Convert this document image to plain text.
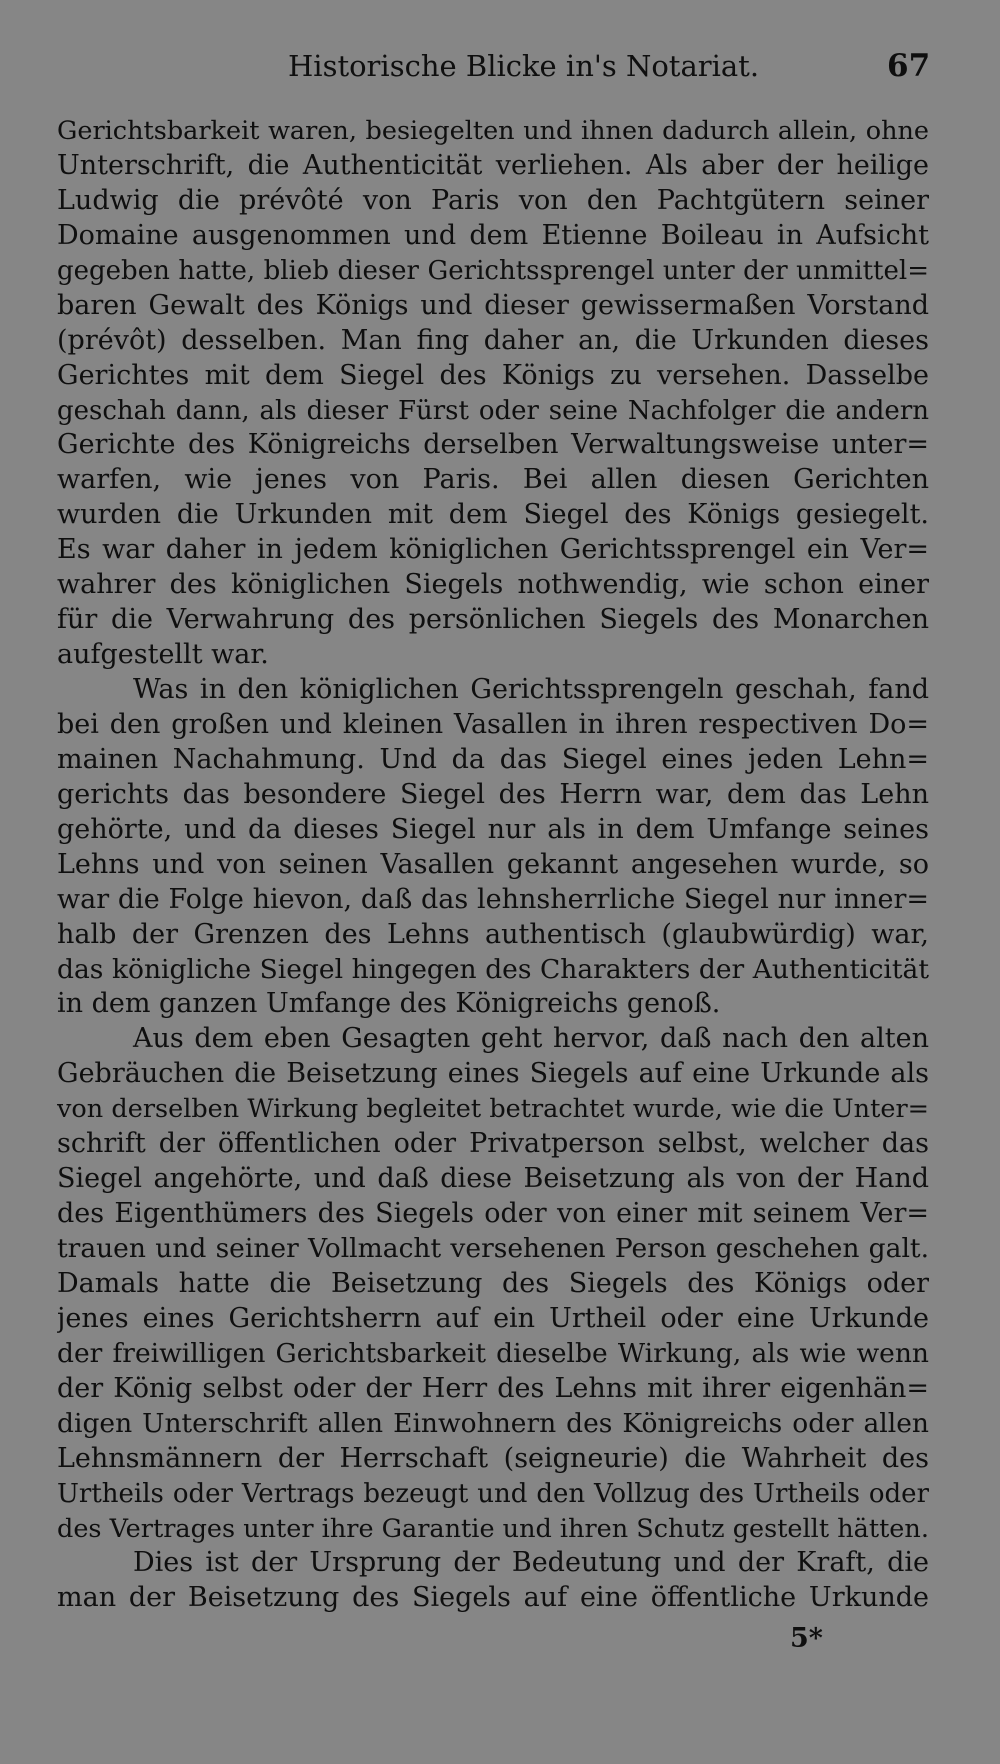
Historische Blicke in's Notariat.	67
Gerichtsbarkeit waren, besiegelten und ihnen dadurch allein, ohne
Unterschrift, die Authenticität verliehen. Als aber der heilige
Ludwig die prévôté von Paris von den Pachtgütern seiner
Domaine ausgenommen und dem Etienne Boileau in Aufsicht
gegeben hatte, blieb dieser Gerichtssprengel unter der unmittel=
baren Gewalt des Königs und dieser gewissermaßen Vorstand
(prévôt) desselben. Man fing daher an, die Urkunden dieses
Gerichtes mit dem Siegel des Königs zu versehen. Dasselbe
geschah dann, als dieser Fürst oder seine Nachfolger die andern
Gerichte des Königreichs derselben Verwaltungsweise unter=
warfen, wie jenes von Paris. Bei allen diesen Gerichten
wurden die Urkunden mit dem Siegel des Königs gesiegelt.
Es war daher in jedem königlichen Gerichtssprengel ein Ver=
wahrer des königlichen Siegels nothwendig, wie schon einer
für die Verwahrung des persönlichen Siegels des Monarchen
aufgestellt war.
Was in den königlichen Gerichtssprengeln geschah, fand
bei den großen und kleinen Vasallen in ihren respectiven Do=
mainen Nachahmung. Und da das Siegel eines jeden Lehn=
gerichts das besondere Siegel des Herrn war, dem das Lehn
gehörte, und da dieses Siegel nur als in dem Umfange seines
Lehns und von seinen Vasallen gekannt angesehen wurde, so
war die Folge hievon, daß das lehnsherrliche Siegel nur inner=
halb der Grenzen des Lehns authentisch (glaubwürdig) war,
das königliche Siegel hingegen des Charakters der Authenticität
in dem ganzen Umfange des Königreichs genoß.
Aus dem eben Gesagten geht hervor, daß nach den alten
Gebräuchen die Beisetzung eines Siegels auf eine Urkunde als
von derselben Wirkung begleitet betrachtet wurde, wie die Unter=
schrift der öffentlichen oder Privatperson selbst, welcher das
Siegel angehörte, und daß diese Beisetzung als von der Hand
des Eigenthümers des Siegels oder von einer mit seinem Ver=
trauen und seiner Vollmacht versehenen Person geschehen galt.
Damals hatte die Beisetzung des Siegels des Königs oder
jenes eines Gerichtsherrn auf ein Urtheil oder eine Urkunde
der freiwilligen Gerichtsbarkeit dieselbe Wirkung, als wie wenn
der König selbst oder der Herr des Lehns mit ihrer eigenhän=
digen Unterschrift allen Einwohnern des Königreichs oder allen
Lehnsmännern der Herrschaft (seigneurie) die Wahrheit des
Urtheils oder Vertrags bezeugt und den Vollzug des Urtheils oder
des Vertrages unter ihre Garantie und ihren Schutz gestellt hätten.
Dies ist der Ursprung der Bedeutung und der Kraft, die
man der Beisetzung des Siegels auf eine öffentliche Urkunde
5*
